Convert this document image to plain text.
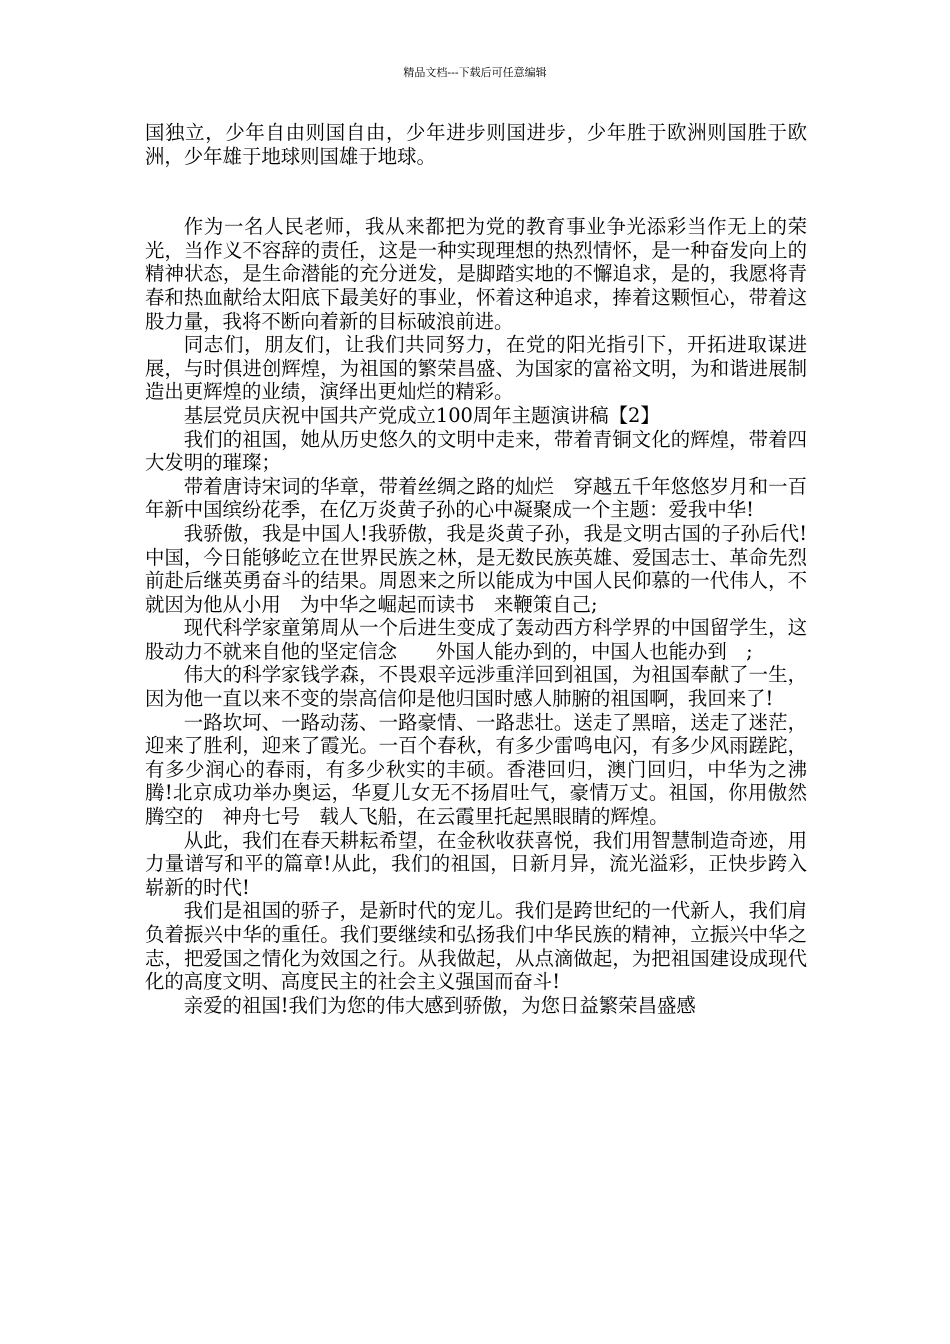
精品文档---下载后可任意编辑

国独立，少年自由则国自由，少年进步则国进步，少年胜于欧洲则国胜于欧洲，少年雄于地球则国雄于地球。

作为一名人民老师，我从来都把为党的教育事业争光添彩当作无上的荣光，当作义不容辞的责任，这是一种实现理想的热烈情怀，是一种奋发向上的精神状态，是生命潜能的充分迸发，是脚踏实地的不懈追求，是的，我愿将青春和热血献给太阳底下最美好的事业，怀着这种追求，捧着这颗恒心，带着这股力量，我将不断向着新的目标破浪前进。

同志们，朋友们，让我们共同努力，在党的阳光指引下，开拓进取谋进展，与时俱进创辉煌，为祖国的繁荣昌盛、为国家的富裕文明，为和谐进展制造出更辉煌的业绩，演绎出更灿烂的精彩。

基层党员庆祝中国共产党成立100周年主题演讲稿【2】

我们的祖国，她从历史悠久的文明中走来，带着青铜文化的辉煌，带着四大发明的璀璨；

带着唐诗宋词的华章，带着丝绸之路的灿烂　穿越五千年悠悠岁月和一百年新中国缤纷花季，在亿万炎黄子孙的心中凝聚成一个主题：爱我中华!

我骄傲，我是中国人!我骄傲，我是炎黄子孙，我是文明古国的子孙后代!中国，今日能够屹立在世界民族之林，是无数民族英雄、爱国志士、革命先烈前赴后继英勇奋斗的结果。周恩来之所以能成为中国人民仰慕的一代伟人，不就因为他从小用　为中华之崛起而读书　来鞭策自己;

现代科学家童第周从一个后进生变成了轰动西方科学界的中国留学生，这股动力不就来自他的坚定信念　　外国人能办到的，中国人也能办到　;

伟大的科学家钱学森，不畏艰辛远涉重洋回到祖国，为祖国奉献了一生，因为他一直以来不变的崇高信仰是他归国时感人肺腑的祖国啊，我回来了!

一路坎坷、一路动荡、一路豪情、一路悲壮。送走了黑暗，送走了迷茫，迎来了胜利，迎来了霞光。一百个春秋，有多少雷鸣电闪，有多少风雨蹉跎，有多少润心的春雨，有多少秋实的丰硕。香港回归，澳门回归，中华为之沸腾!北京成功举办奥运，华夏儿女无不扬眉吐气，豪情万丈。祖国，你用傲然腾空的　神舟七号　载人飞船，在云霞里托起黑眼睛的辉煌。

从此，我们在春天耕耘希望，在金秋收获喜悦，我们用智慧制造奇迹，用力量谱写和平的篇章!从此，我们的祖国，日新月异，流光溢彩，正快步跨入崭新的时代!

我们是祖国的骄子，是新时代的宠儿。我们是跨世纪的一代新人，我们肩负着振兴中华的重任。我们要继续和弘扬我们中华民族的精神，立振兴中华之志，把爱国之情化为效国之行。从我做起，从点滴做起，为把祖国建设成现代化的高度文明、高度民主的社会主义强国而奋斗!

亲爱的祖国!我们为您的伟大感到骄傲，为您日益繁荣昌盛感
